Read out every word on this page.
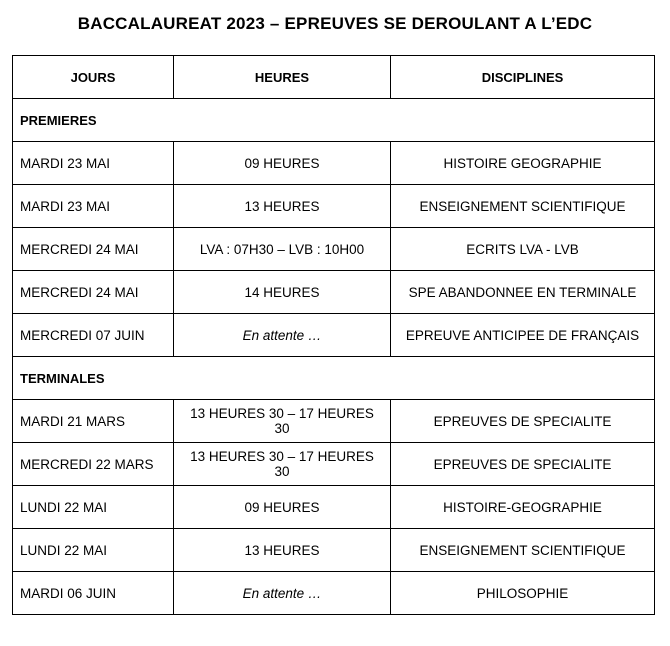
BACCALAUREAT 2023 – EPREUVES SE DEROULANT A L’EDC
JOURS	HEURES	DISCIPLINES
PREMIERES		
MARDI 23 MAI	09 HEURES	HISTOIRE GEOGRAPHIE
MARDI 23 MAI	13 HEURES	ENSEIGNEMENT SCIENTIFIQUE
MERCREDI 24 MAI	LVA : 07H30 – LVB : 10H00	ECRITS LVA - LVB
MERCREDI 24 MAI	14 HEURES	SPE ABANDONNEE EN TERMINALE
MERCREDI 07 JUIN	En attente …	EPREUVE ANTICIPEE DE FRANÇAIS
TERMINALES		
MARDI 21 MARS	13 HEURES 30 – 17 HEURES 30	EPREUVES DE SPECIALITE
MERCREDI 22 MARS	13 HEURES 30 – 17 HEURES 30	EPREUVES DE SPECIALITE
LUNDI 22 MAI	09 HEURES	HISTOIRE-GEOGRAPHIE
LUNDI 22 MAI	13 HEURES	ENSEIGNEMENT SCIENTIFIQUE
MARDI 06 JUIN	En attente …	PHILOSOPHIE
